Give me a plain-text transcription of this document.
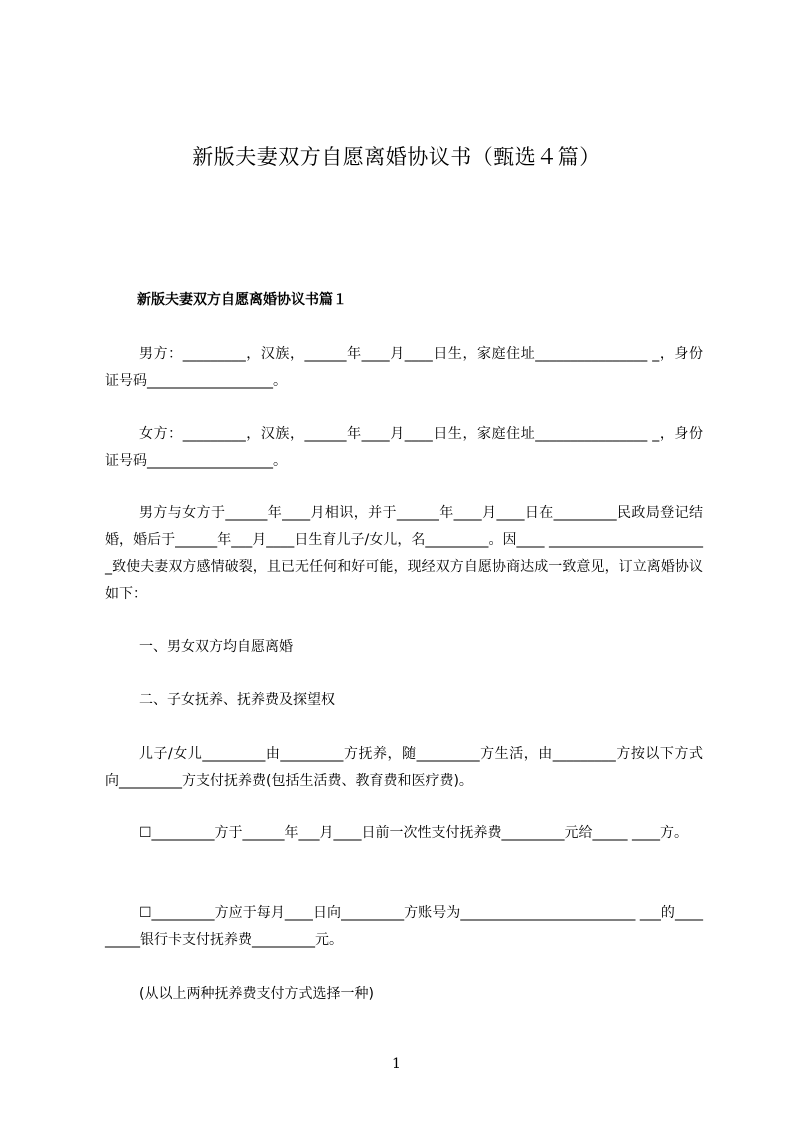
新版夫妻双方自愿离婚协议书（甄选４篇）
新版夫妻双方自愿离婚协议书篇１

男方：_________，汉族，______年____月____日生，家庭住址________________ _，身份证号码__________________。

女方：_________，汉族，______年____月____日生，家庭住址________________ _，身份证号码__________________。

男方与女方于______年____月相识，并于______年____月____日在_________民政局登记结婚，婚后于______年___月____日生育儿子/女儿，名_________。因____ _______________________致使夫妻双方感情破裂，且已无任何和好可能，现经双方自愿协商达成一致意见，订立离婚协议如下：

一、男女双方均自愿离婚

二、子女抚养、抚养费及探望权

儿子/女儿_________由_________方抚养，随_________方生活，由_________方按以下方式向_________方支付抚养费(包括生活费、教育费和医疗费)。

☐_________方于______年___月____日前一次性支付抚养费_________元给_____ ____方。

☐_________方应于每月____日向_________方账号为_________________________ ___的_________银行卡支付抚养费_________元。

(从以上两种抚养费支付方式选择一种)

1
